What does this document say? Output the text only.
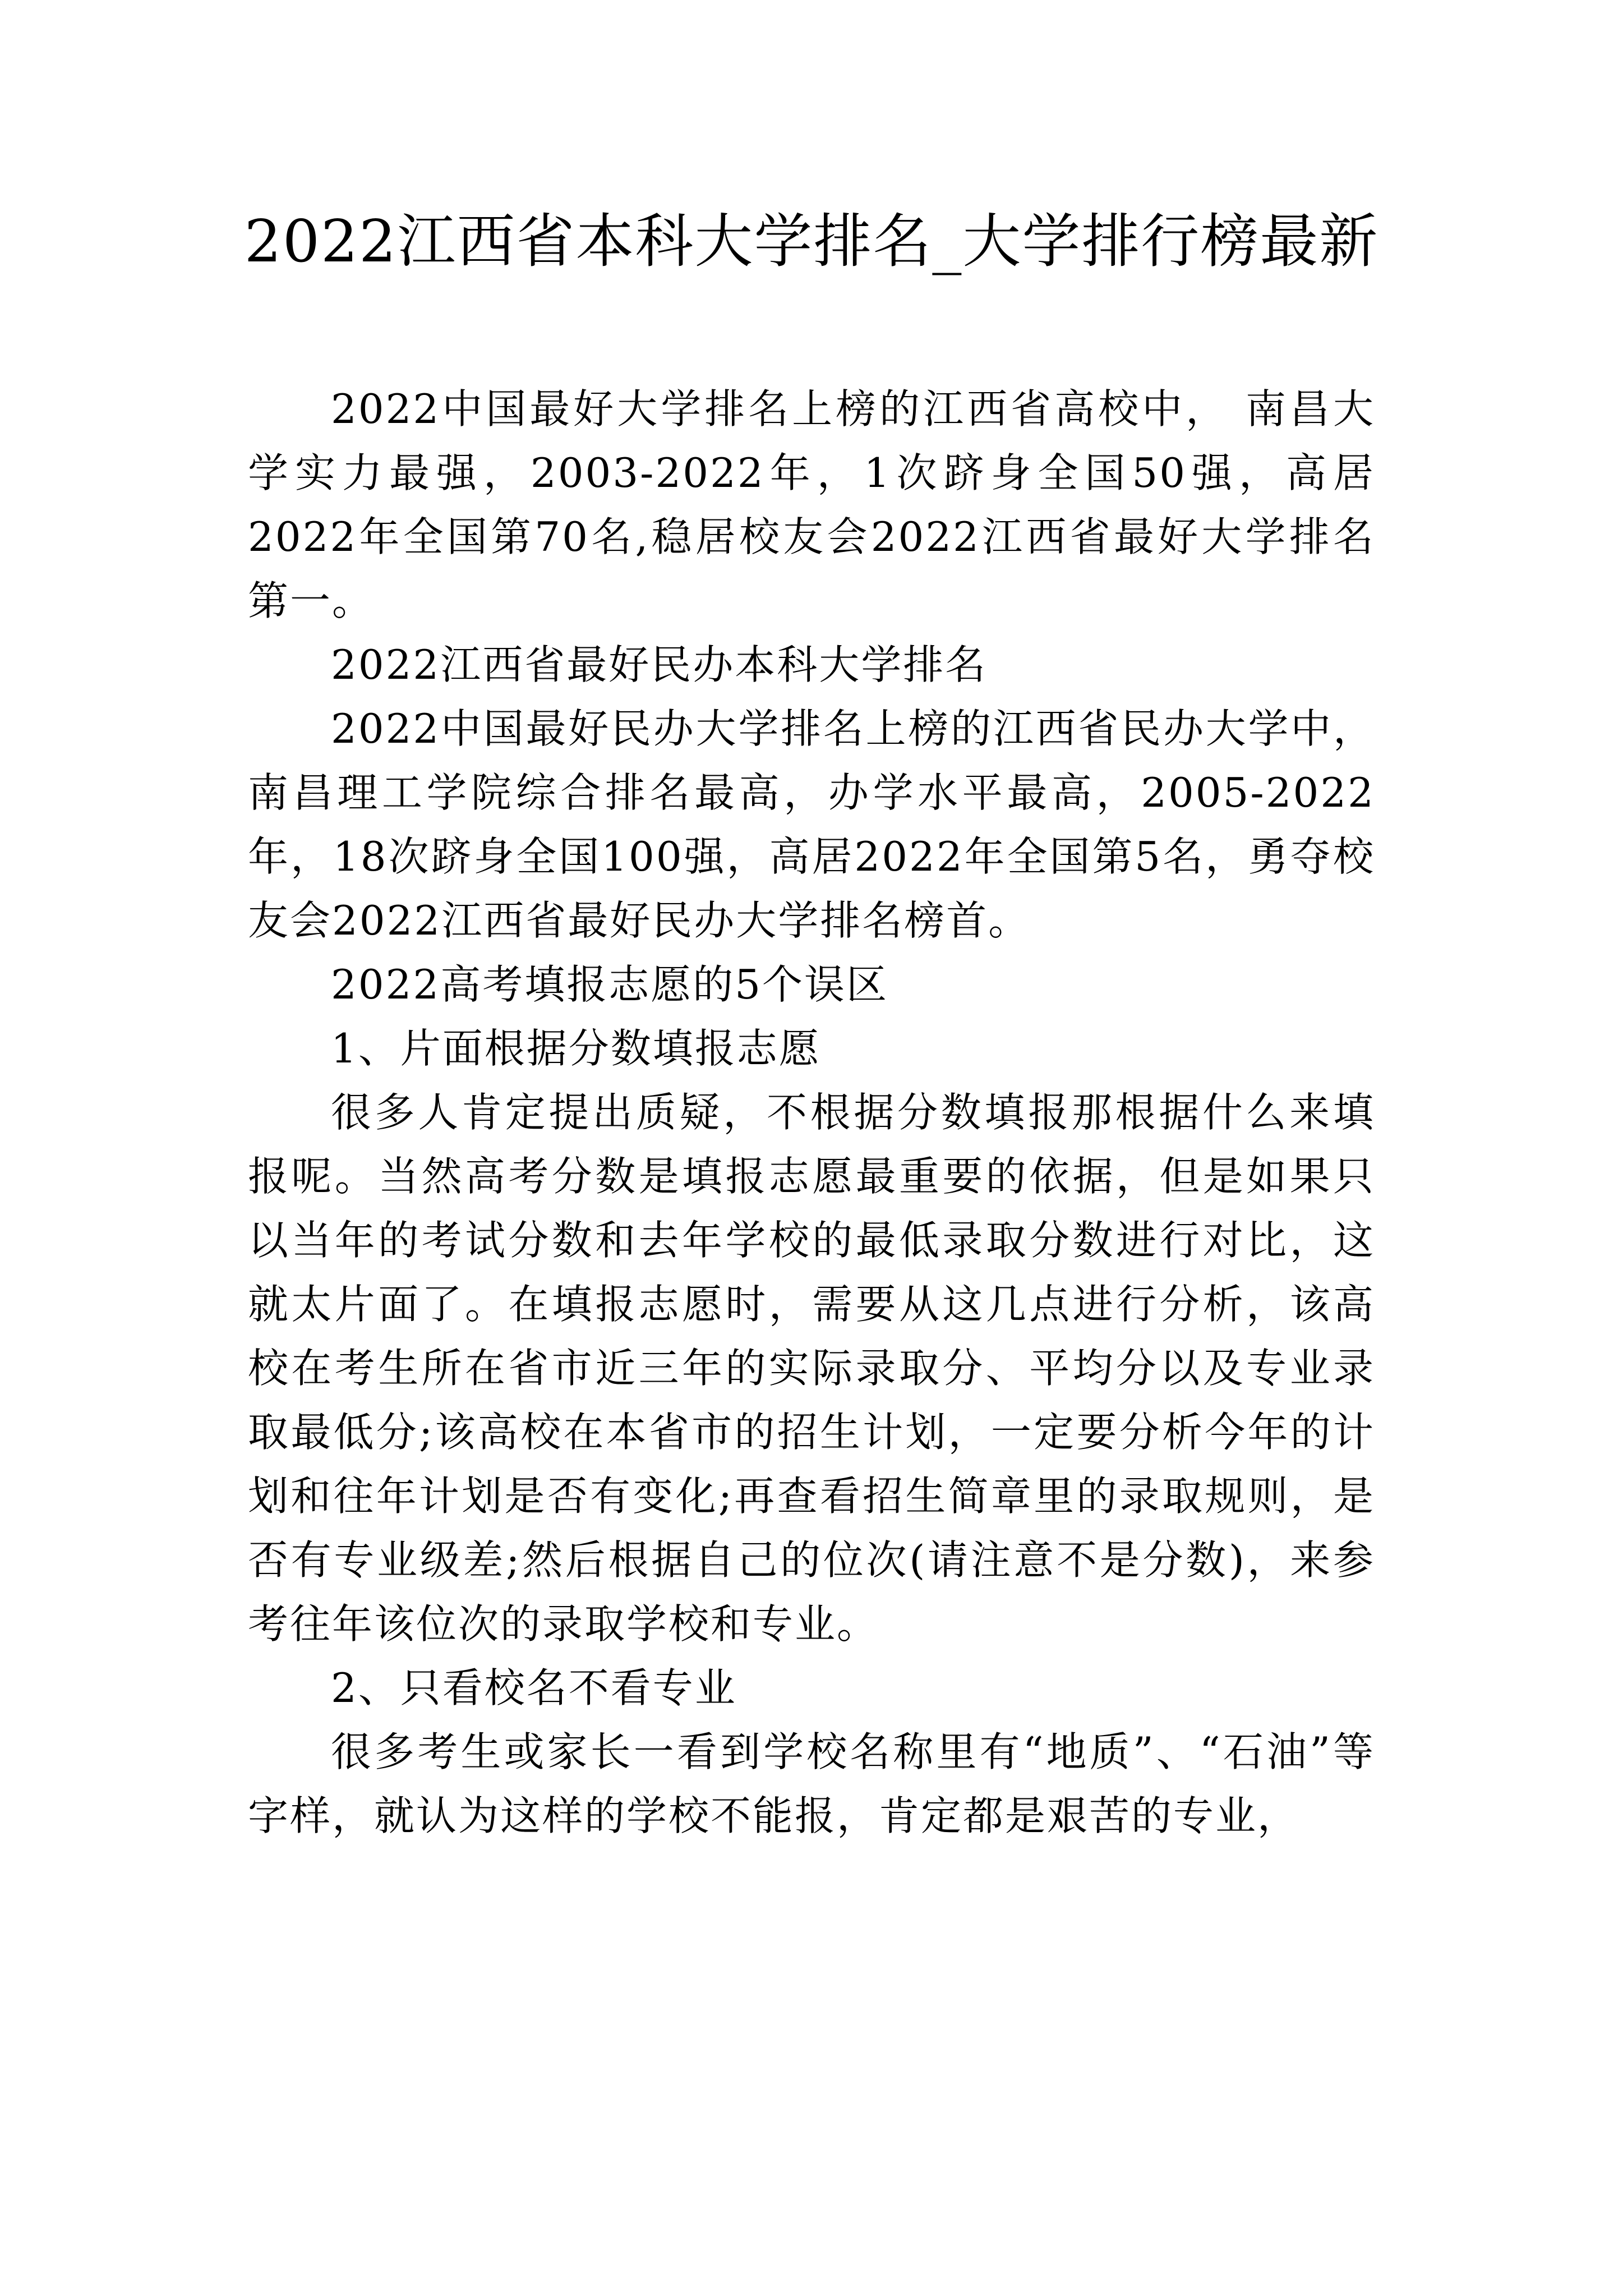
2022江西省本科大学排名_大学排行榜最新

2022中国最好大学排名上榜的江西省高校中， 南昌大学实力最强，2003-2022年，1次跻身全国50强，高居2022年全国第70名,稳居校友会2022江西省最好大学排名第一。

2022江西省最好民办本科大学排名

2022中国最好民办大学排名上榜的江西省民办大学中，南昌理工学院综合排名最高，办学水平最高，2005-2022年，18次跻身全国100强，高居2022年全国第5名，勇夺校友会2022江西省最好民办大学排名榜首。

2022高考填报志愿的5个误区

1、片面根据分数填报志愿

很多人肯定提出质疑，不根据分数填报那根据什么来填报呢。当然高考分数是填报志愿最重要的依据，但是如果只以当年的考试分数和去年学校的最低录取分数进行对比，这就太片面了。在填报志愿时，需要从这几点进行分析，该高校在考生所在省市近三年的实际录取分、平均分以及专业录取最低分;该高校在本省市的招生计划，一定要分析今年的计划和往年计划是否有变化;再查看招生简章里的录取规则，是否有专业级差;然后根据自己的位次(请注意不是分数)，来参考往年该位次的录取学校和专业。

2、只看校名不看专业

很多考生或家长一看到学校名称里有“地质”、“石油”等字样，就认为这样的学校不能报，肯定都是艰苦的专业，
